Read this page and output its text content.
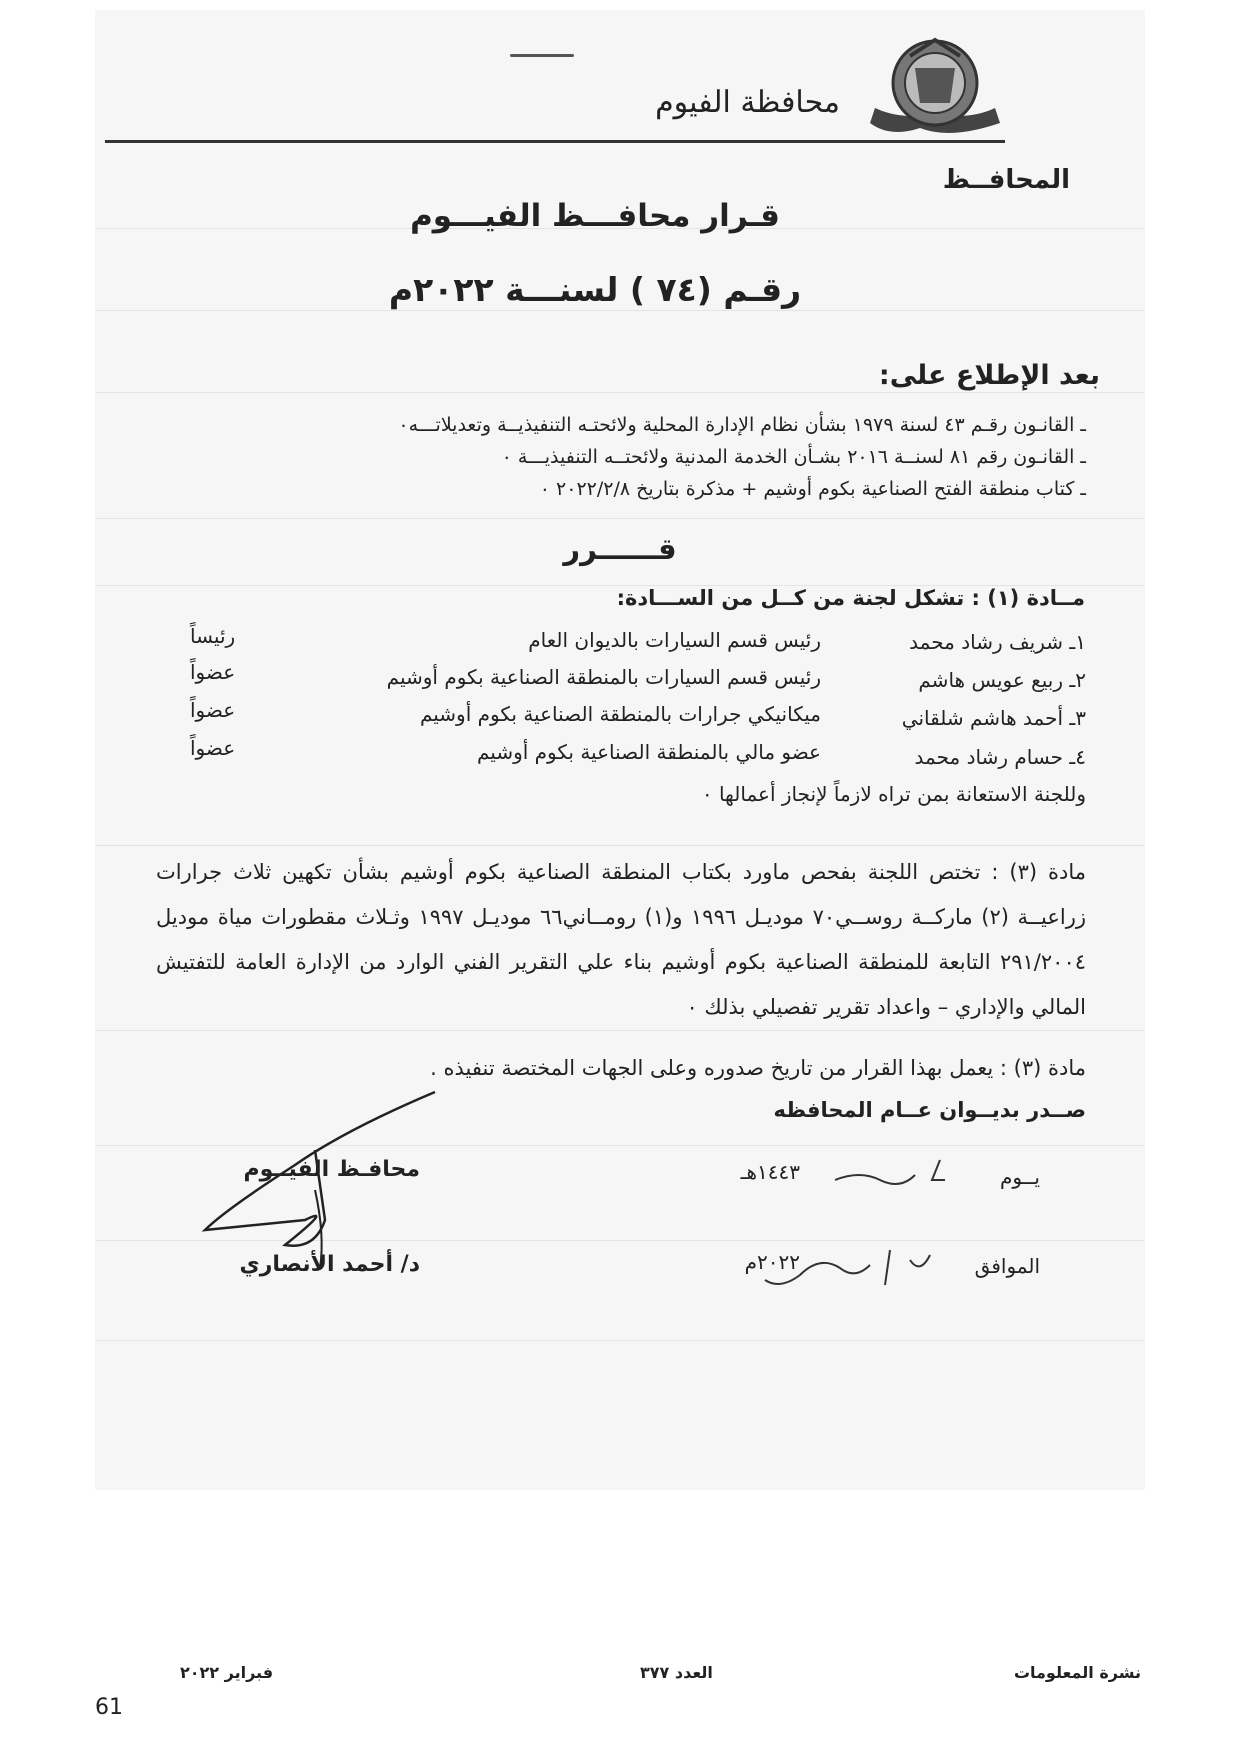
محافظة الفيوم
المحافــظ
قـرار محافـــظ الفيـــوم
رقـم (٧٤ ) لسنـــة ٢٠٢٢م
بعد الإطلاع على:
ـ القانـون رقـم ٤٣ لسنة ١٩٧٩ بشأن نظام الإدارة المحلية ولائحتـه التنفيذيــة وتعديلاتـــه٠
ـ القانـون رقم ٨١ لسنــة ٢٠١٦ بشـأن الخدمة المدنية ولائحتــه التنفيذيـــة ٠
ـ كتاب منطقة الفتح الصناعية بكوم أوشيم + مذكرة بتاريخ ٢٠٢٢/٢/٨ ٠
قــــــرر
مــادة (١) : تشكل لجنة من كــل من الســـادة:
١ـ شريف رشاد محمد
رئيس قسم السيارات بالديوان العام
رئيساً
٢ـ ربيع عويس هاشم
رئيس قسم السيارات بالمنطقة الصناعية بكوم أوشيم
عضواً
٣ـ أحمد هاشم شلقاني
ميكانيكي جرارات بالمنطقة الصناعية بكوم أوشيم
عضواً
٤ـ حسام رشاد محمد
عضو مالي بالمنطقة الصناعية بكوم أوشيم
عضواً
وللجنة الاستعانة بمن تراه لازماً لإنجاز أعمالها ٠
مادة (٣) : تختص اللجنة بفحص ماورد بكتاب المنطقة الصناعية بكوم أوشيم بشأن تكهين ثلاث جرارات زراعيــة (٢) ماركــة روســي٧٠ موديـل ١٩٩٦ و(١) رومــاني٦٦ موديـل ١٩٩٧ وثـلاث مقطورات مياة موديل ٢٩١/٢٠٠٤ التابعة للمنطقة الصناعية بكوم أوشيم بناء علي التقرير الفني الوارد من الإدارة العامة للتفتيش المالي والإداري – واعداد تقرير تفصيلي بذلك ٠
مادة (٣) : يعمل بهذا القرار من تاريخ صدوره وعلى الجهات المختصة تنفيذه .
صــدر بديــوان عــام المحافظه
محافـظ الفيــوم
د/ أحمد الأنصاري
يــوم
١٤٤٣هـ
الموافق
٢٠٢٢م
نشرة المعلومات
العدد ٣٧٧
فبراير ٢٠٢٢
61
